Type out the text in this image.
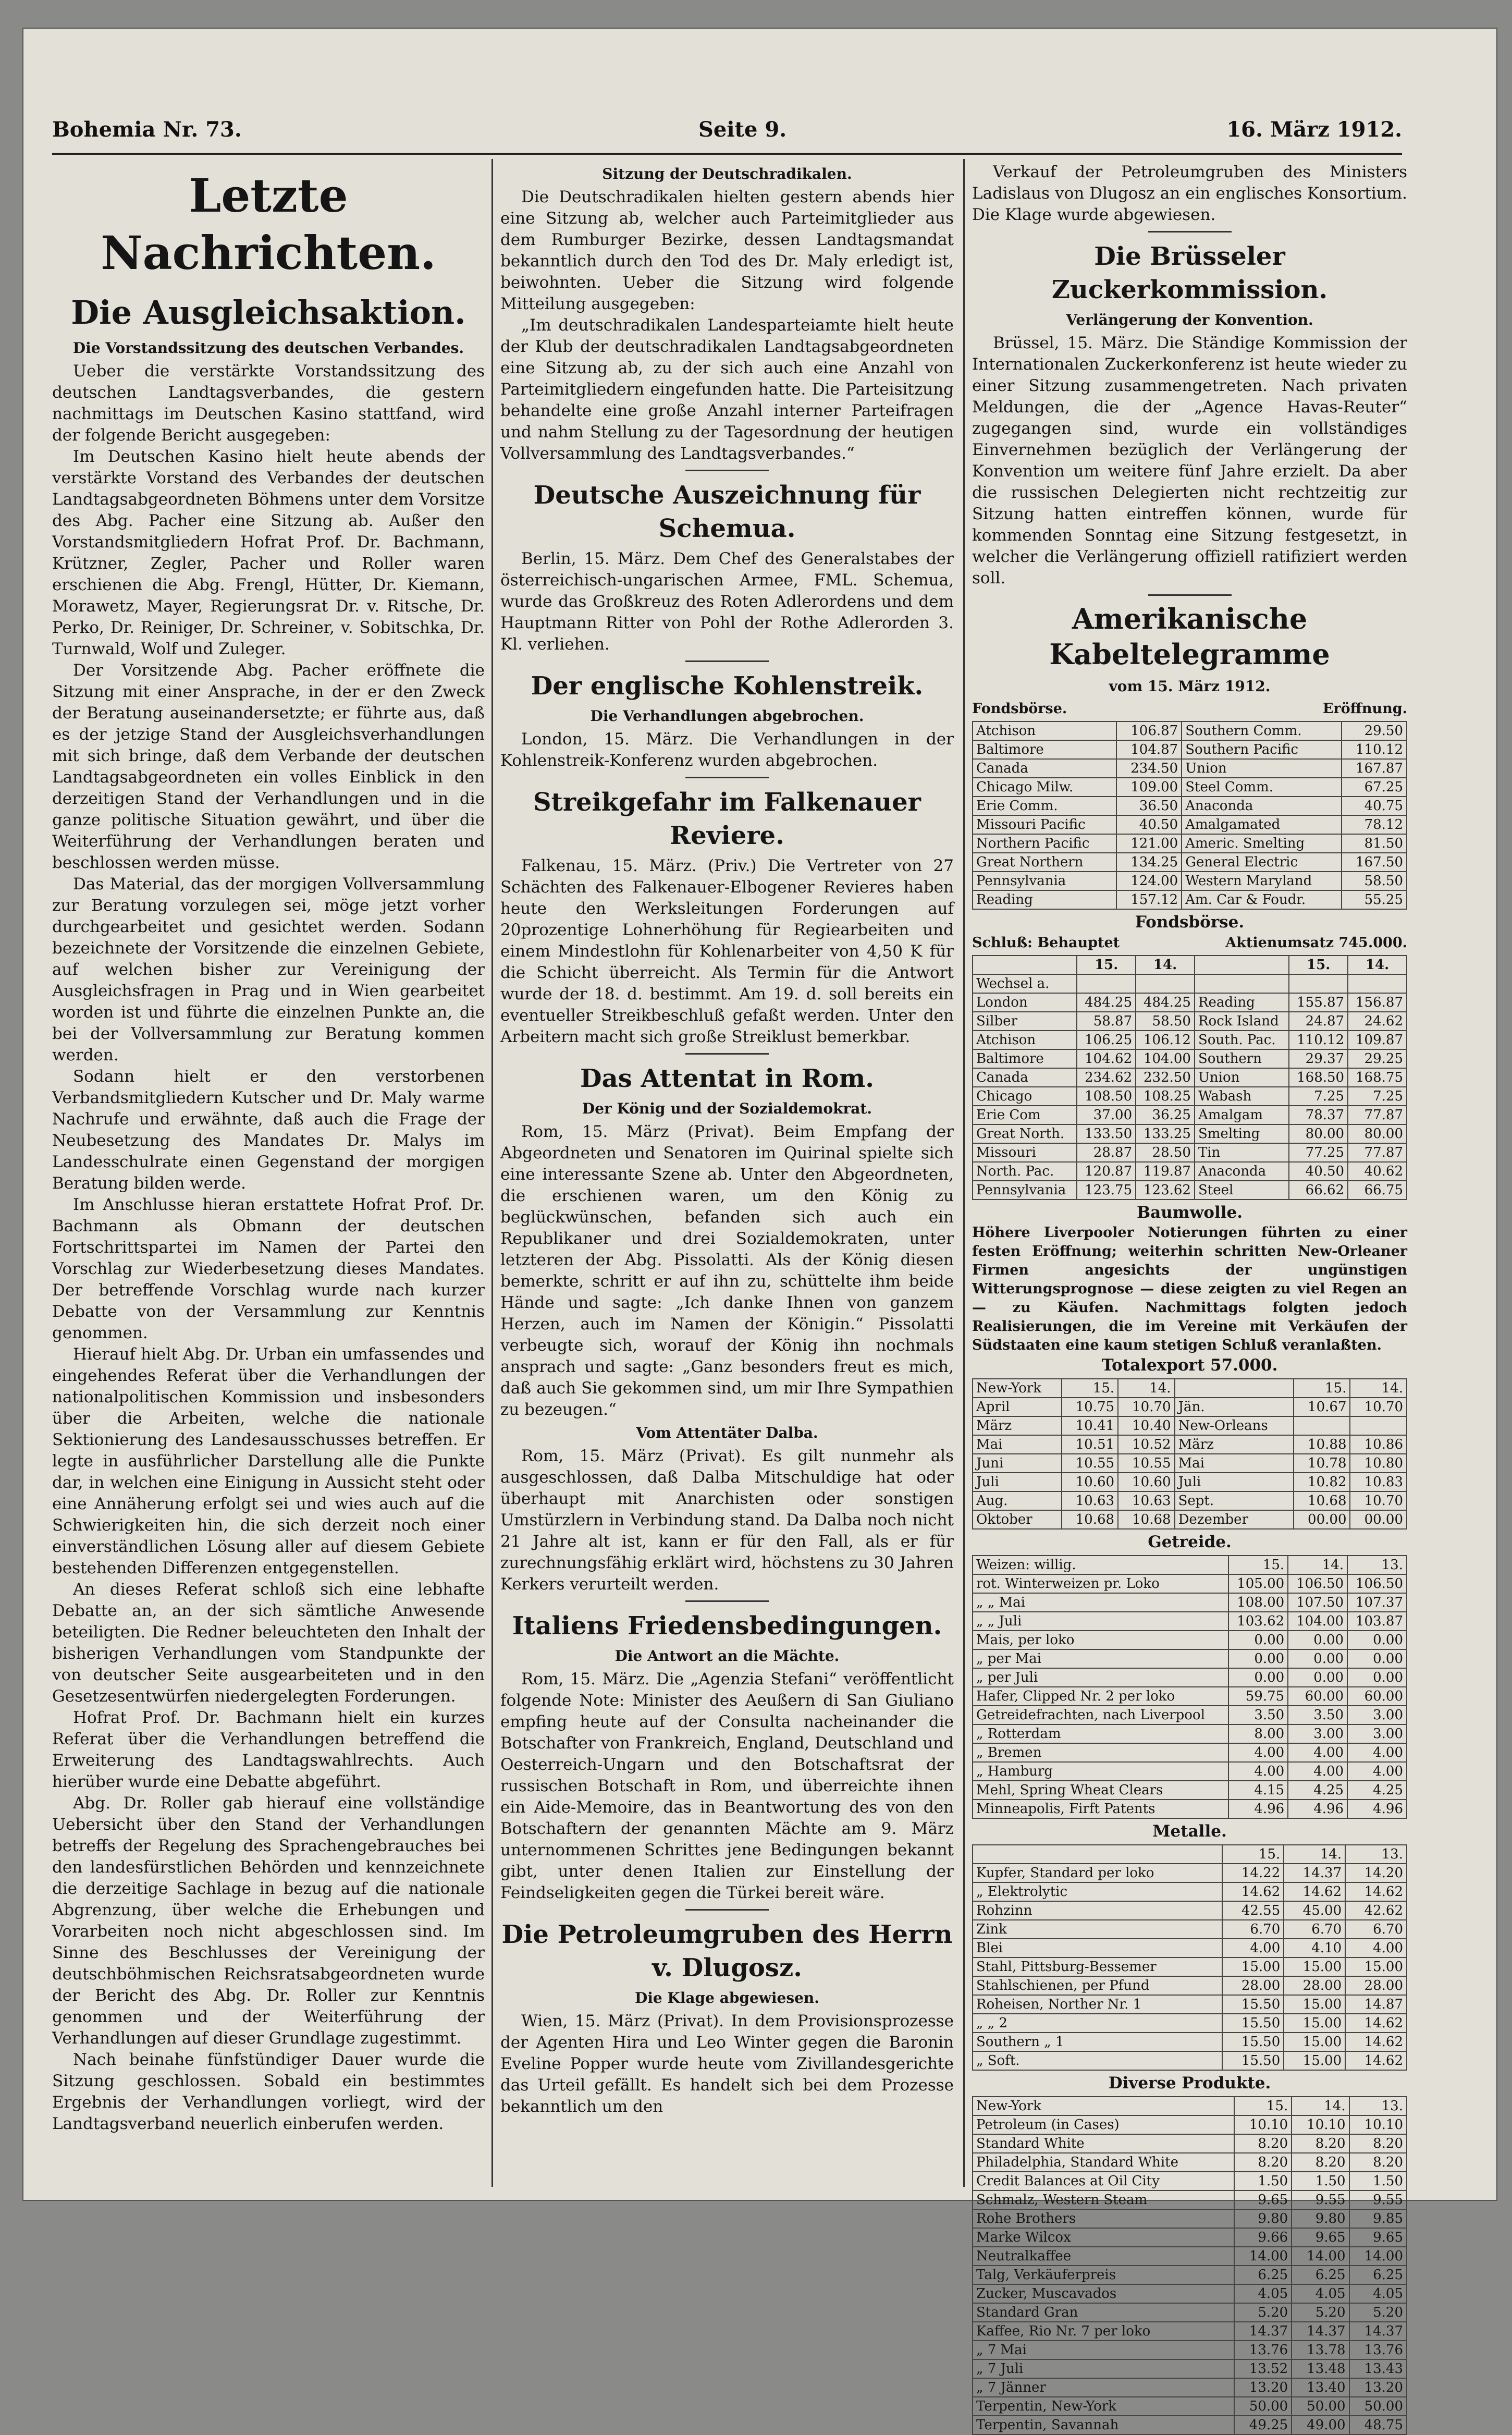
Bohemia Nr. 73.	Seite 9.	16. März 1912.
Letzte Nachrichten.
Die Ausgleichsaktion.
Die Vorstandssitzung des deutschen Verbandes.

Ueber die verstärkte Vorstandssitzung des deutschen Landtagsverbandes, die gestern nachmittags im Deutschen Kasino stattfand, wird der folgende Bericht ausgegeben:

Im Deutschen Kasino hielt heute abends der verstärkte Vorstand des Verbandes der deutschen Landtagsabgeordneten Böhmens unter dem Vorsitze des Abg. Pacher eine Sitzung ab. Außer den Vorstandsmitgliedern Hofrat Prof. Dr. Bachmann, Krützner, Zegler, Pacher und Roller waren erschienen die Abg. Frengl, Hütter, Dr. Kiemann, Morawetz, Mayer, Regierungsrat Dr. v. Ritsche, Dr. Perko, Dr. Reiniger, Dr. Schreiner, v. Sobitschka, Dr. Turnwald, Wolf und Zuleger.

Der Vorsitzende Abg. Pacher eröffnete die Sitzung mit einer Ansprache, in der er den Zweck der Beratung auseinandersetzte; er führte aus, daß es der jetzige Stand der Ausgleichsverhandlungen mit sich bringe, daß dem Verbande der deutschen Landtagsabgeordneten ein volles Einblick in den derzeitigen Stand der Verhandlungen und in die ganze politische Situation gewährt, und über die Weiterführung der Verhandlungen beraten und beschlossen werden müsse.

Das Material, das der morgigen Vollversammlung zur Beratung vorzulegen sei, möge jetzt vorher durchgearbeitet und gesichtet werden. Sodann bezeichnete der Vorsitzende die einzelnen Gebiete, auf welchen bisher zur Vereinigung der Ausgleichsfragen in Prag und in Wien gearbeitet worden ist und führte die einzelnen Punkte an, die bei der Vollversammlung zur Beratung kommen werden.

Sodann hielt er den verstorbenen Verbandsmitgliedern Kutscher und Dr. Maly warme Nachrufe und erwähnte, daß auch die Frage der Neubesetzung des Mandates Dr. Malys im Landesschulrate einen Gegenstand der morgigen Beratung bilden werde.

Im Anschlusse hieran erstattete Hofrat Prof. Dr. Bachmann als Obmann der deutschen Fortschrittspartei im Namen der Partei den Vorschlag zur Wiederbesetzung dieses Mandates. Der betreffende Vorschlag wurde nach kurzer Debatte von der Versammlung zur Kenntnis genommen.

Hierauf hielt Abg. Dr. Urban ein umfassendes und eingehendes Referat über die Verhandlungen der nationalpolitischen Kommission und insbesonders über die Arbeiten, welche die nationale Sektionierung des Landesausschusses betreffen. Er legte in ausführlicher Darstellung alle die Punkte dar, in welchen eine Einigung in Aussicht steht oder eine Annäherung erfolgt sei und wies auch auf die Schwierigkeiten hin, die sich derzeit noch einer einverständlichen Lösung aller auf diesem Gebiete bestehenden Differenzen entgegenstellen.

An dieses Referat schloß sich eine lebhafte Debatte an, an der sich sämtliche Anwesende beteiligten. Die Redner beleuchteten den Inhalt der bisherigen Verhandlungen vom Standpunkte der von deutscher Seite ausgearbeiteten und in den Gesetzesentwürfen niedergelegten Forderungen.

Hofrat Prof. Dr. Bachmann hielt ein kurzes Referat über die Verhandlungen betreffend die Erweiterung des Landtagswahlrechts. Auch hierüber wurde eine Debatte abgeführt.

Abg. Dr. Roller gab hierauf eine vollständige Uebersicht über den Stand der Verhandlungen betreffs der Regelung des Sprachengebrauches bei den landesfürstlichen Behörden und kennzeichnete die derzeitige Sachlage in bezug auf die nationale Abgrenzung, über welche die Erhebungen und Vorarbeiten noch nicht abgeschlossen sind. Im Sinne des Beschlusses der Vereinigung der deutschböhmischen Reichsratsabgeordneten wurde der Bericht des Abg. Dr. Roller zur Kenntnis genommen und der Weiterführung der Verhandlungen auf dieser Grundlage zugestimmt.

Nach beinahe fünfstündiger Dauer wurde die Sitzung geschlossen. Sobald ein bestimmtes Ergebnis der Verhandlungen vorliegt, wird der Landtagsverband neuerlich einberufen werden.

Sitzung der Deutschradikalen.

Die Deutschradikalen hielten gestern abends hier eine Sitzung ab, welcher auch Parteimitglieder aus dem Rumburger Bezirke, dessen Landtagsmandat bekanntlich durch den Tod des Dr. Maly erledigt ist, beiwohnten. Ueber die Sitzung wird folgende Mitteilung ausgegeben:

„Im deutschradikalen Landesparteiamte hielt heute der Klub der deutschradikalen Landtagsabgeordneten eine Sitzung ab, zu der sich auch eine Anzahl von Parteimitgliedern eingefunden hatte. Die Parteisitzung behandelte eine große Anzahl interner Parteifragen und nahm Stellung zu der Tagesordnung der heutigen Vollversammlung des Landtagsverbandes.“

Deutsche Auszeichnung für Schemua.

Berlin, 15. März. Dem Chef des Generalstabes der österreichisch-ungarischen Armee, FML. Schemua, wurde das Großkreuz des Roten Adlerordens und dem Hauptmann Ritter von Pohl der Rothe Adlerorden 3. Kl. verliehen.

Der englische Kohlenstreik.
Die Verhandlungen abgebrochen.

London, 15. März. Die Verhandlungen in der Kohlenstreik-Konferenz wurden abgebrochen.

Streikgefahr im Falkenauer Reviere.

Falkenau, 15. März. (Priv.) Die Vertreter von 27 Schächten des Falkenauer-Elbogener Revieres haben heute den Werksleitungen Forderungen auf 20prozentige Lohnerhöhung für Regiearbeiten und einem Mindestlohn für Kohlenarbeiter von 4,50 K für die Schicht überreicht. Als Termin für die Antwort wurde der 18. d. bestimmt. Am 19. d. soll bereits ein eventueller Streikbeschluß gefaßt werden. Unter den Arbeitern macht sich große Streiklust bemerkbar.

Das Attentat in Rom.
Der König und der Sozialdemokrat.

Rom, 15. März (Privat). Beim Empfang der Abgeordneten und Senatoren im Quirinal spielte sich eine interessante Szene ab. Unter den Abgeordneten, die erschienen waren, um den König zu beglückwünschen, befanden sich auch ein Republikaner und drei Sozialdemokraten, unter letzteren der Abg. Pissolatti. Als der König diesen bemerkte, schritt er auf ihn zu, schüttelte ihm beide Hände und sagte: „Ich danke Ihnen von ganzem Herzen, auch im Namen der Königin.“ Pissolatti verbeugte sich, worauf der König ihn nochmals ansprach und sagte: „Ganz besonders freut es mich, daß auch Sie gekommen sind, um mir Ihre Sympathien zu bezeugen.“

Vom Attentäter Dalba.

Rom, 15. März (Privat). Es gilt nunmehr als ausgeschlossen, daß Dalba Mitschuldige hat oder überhaupt mit Anarchisten oder sonstigen Umstürzlern in Verbindung stand. Da Dalba noch nicht 21 Jahre alt ist, kann er für den Fall, als er für zurechnungsfähig erklärt wird, höchstens zu 30 Jahren Kerkers verurteilt werden.

Italiens Friedensbedingungen.
Die Antwort an die Mächte.

Rom, 15. März. Die „Agenzia Stefani“ veröffentlicht folgende Note: Minister des Aeußern di San Giuliano empfing heute auf der Consulta nacheinander die Botschafter von Frankreich, England, Deutschland und Oesterreich-Ungarn und den Botschaftsrat der russischen Botschaft in Rom, und überreichte ihnen ein Aide-Memoire, das in Beantwortung des von den Botschaftern der genannten Mächte am 9. März unternommenen Schrittes jene Bedingungen bekannt gibt, unter denen Italien zur Einstellung der Feindseligkeiten gegen die Türkei bereit wäre.

Die Petroleumgruben des Herrn v. Dlugosz.
Die Klage abgewiesen.

Wien, 15. März (Privat). In dem Provisionsprozesse der Agenten Hira und Leo Winter gegen die Baronin Eveline Popper wurde heute vom Zivillandesgerichte das Urteil gefällt. Es handelt sich bei dem Prozesse bekanntlich um den

Verkauf der Petroleumgruben des Ministers Ladislaus von Dlugosz an ein englisches Konsortium. Die Klage wurde abgewiesen.

Die Brüsseler Zuckerkommission.
Verlängerung der Konvention.

Brüssel, 15. März. Die Ständige Kommission der Internationalen Zuckerkonferenz ist heute wieder zu einer Sitzung zusammengetreten. Nach privaten Meldungen, die der „Agence Havas-Reuter“ zugegangen sind, wurde ein vollständiges Einvernehmen bezüglich der Verlängerung der Konvention um weitere fünf Jahre erzielt. Da aber die russischen Delegierten nicht rechtzeitig zur Sitzung hatten eintreffen können, wurde für kommenden Sonntag eine Sitzung festgesetzt, in welcher die Verlängerung offiziell ratifiziert werden soll.

Amerikanische Kabeltelegramme
vom 15. März 1912.
Fondsbörse.	Eröffnung.
Atchison	106.87	Southern Comm.	29.50
Baltimore	104.87	Southern Pacific	110.12
Canada	234.50	Union	167.87
Chicago Milw.	109.00	Steel Comm.	67.25
Erie Comm.	36.50	Anaconda	40.75
Missouri Pacific	40.50	Amalgamated	78.12
Northern Pacific	121.00	Americ. Smelting	81.50
Great Northern	134.25	General Electric	167.50
Pennsylvania	124.00	Western Maryland	58.50
Reading	157.12	Am. Car & Foudr.	55.25
Fondsbörse.
Schluß: Behauptet	Aktienumsatz 745.000.
	15.	14.		15.	14.
Wechsel a.					
London	484.25	484.25	Reading	155.87	156.87
Silber	58.87	58.50	Rock Island	24.87	24.62
Atchison	106.25	106.12	South. Pac.	110.12	109.87
Baltimore	104.62	104.00	Southern	29.37	29.25
Canada	234.62	232.50	Union	168.50	168.75
Chicago	108.50	108.25	Wabash	7.25	7.25
Erie Com	37.00	36.25	Amalgam	78.37	77.87
Great North.	133.50	133.25	Smelting	80.00	80.00
Missouri	28.87	28.50	Tin	77.25	77.87
North. Pac.	120.87	119.87	Anaconda	40.50	40.62
Pennsylvania	123.75	123.62	Steel	66.62	66.75
Baumwolle.
Höhere Liverpooler Notierungen führten zu einer festen Eröffnung; weiterhin schritten New-Orleaner Firmen angesichts der ungünstigen Witterungsprognose — diese zeigten zu viel Regen an — zu Käufen. Nachmittags folgten jedoch Realisierungen, die im Vereine mit Verkäufen der Südstaaten eine kaum stetigen Schluß veranlaßten.
Totalexport 57.000.
New-York	15.	14.		15.	14.
April	10.75	10.70	Jän.	10.67	10.70
März	10.41	10.40	New-Orleans		
Mai	10.51	10.52	März	10.88	10.86
Juni	10.55	10.55	Mai	10.78	10.80
Juli	10.60	10.60	Juli	10.82	10.83
Aug.	10.63	10.63	Sept.	10.68	10.70
Oktober	10.68	10.68	Dezember	00.00	00.00
Getreide.
Weizen: willig.	15.	14.	13.
rot. Winterweizen pr. Loko	105.00	106.50	106.50
„ „ Mai	108.00	107.50	107.37
„ „ Juli	103.62	104.00	103.87
Mais, per loko	0.00	0.00	0.00
„ per Mai	0.00	0.00	0.00
„ per Juli	0.00	0.00	0.00
Hafer, Clipped Nr. 2 per loko	59.75	60.00	60.00
Getreidefrachten, nach Liverpool	3.50	3.50	3.00
„ Rotterdam	8.00	3.00	3.00
„ Bremen	4.00	4.00	4.00
„ Hamburg	4.00	4.00	4.00
Mehl, Spring Wheat Clears	4.15	4.25	4.25
Minneapolis, Firft Patents	4.96	4.96	4.96
Metalle.
	15.	14.	13.
Kupfer, Standard per loko	14.22	14.37	14.20
„ Elektrolytic	14.62	14.62	14.62
Rohzinn	42.55	45.00	42.62
Zink	6.70	6.70	6.70
Blei	4.00	4.10	4.00
Stahl, Pittsburg-Bessemer	15.00	15.00	15.00
Stahlschienen, per Pfund	28.00	28.00	28.00
Roheisen, Norther Nr. 1	15.50	15.00	14.87
„ „ 2	15.50	15.00	14.62
Southern „ 1	15.50	15.00	14.62
„ Soft.	15.50	15.00	14.62
Diverse Produkte.
New-York	15.	14.	13.
Petroleum (in Cases)	10.10	10.10	10.10
Standard White	8.20	8.20	8.20
Philadelphia, Standard White	8.20	8.20	8.20
Credit Balances at Oil City	1.50	1.50	1.50
Schmalz, Western Steam	9.65	9.55	9.55
Rohe Brothers	9.80	9.80	9.85
Marke Wilcox	9.66	9.65	9.65
Neutralkaffee	14.00	14.00	14.00
Talg, Verkäuferpreis	6.25	6.25	6.25
Zucker, Muscavados	4.05	4.05	4.05
Standard Gran	5.20	5.20	5.20
Kaffee, Rio Nr. 7 per loko	14.37	14.37	14.37
„ 7 Mai	13.76	13.78	13.76
„ 7 Juli	13.52	13.48	13.43
„ 7 Jänner	13.20	13.40	13.20
Terpentin, New-York	50.00	50.00	50.00
Terpentin, Savannah	49.25	49.00	48.75
